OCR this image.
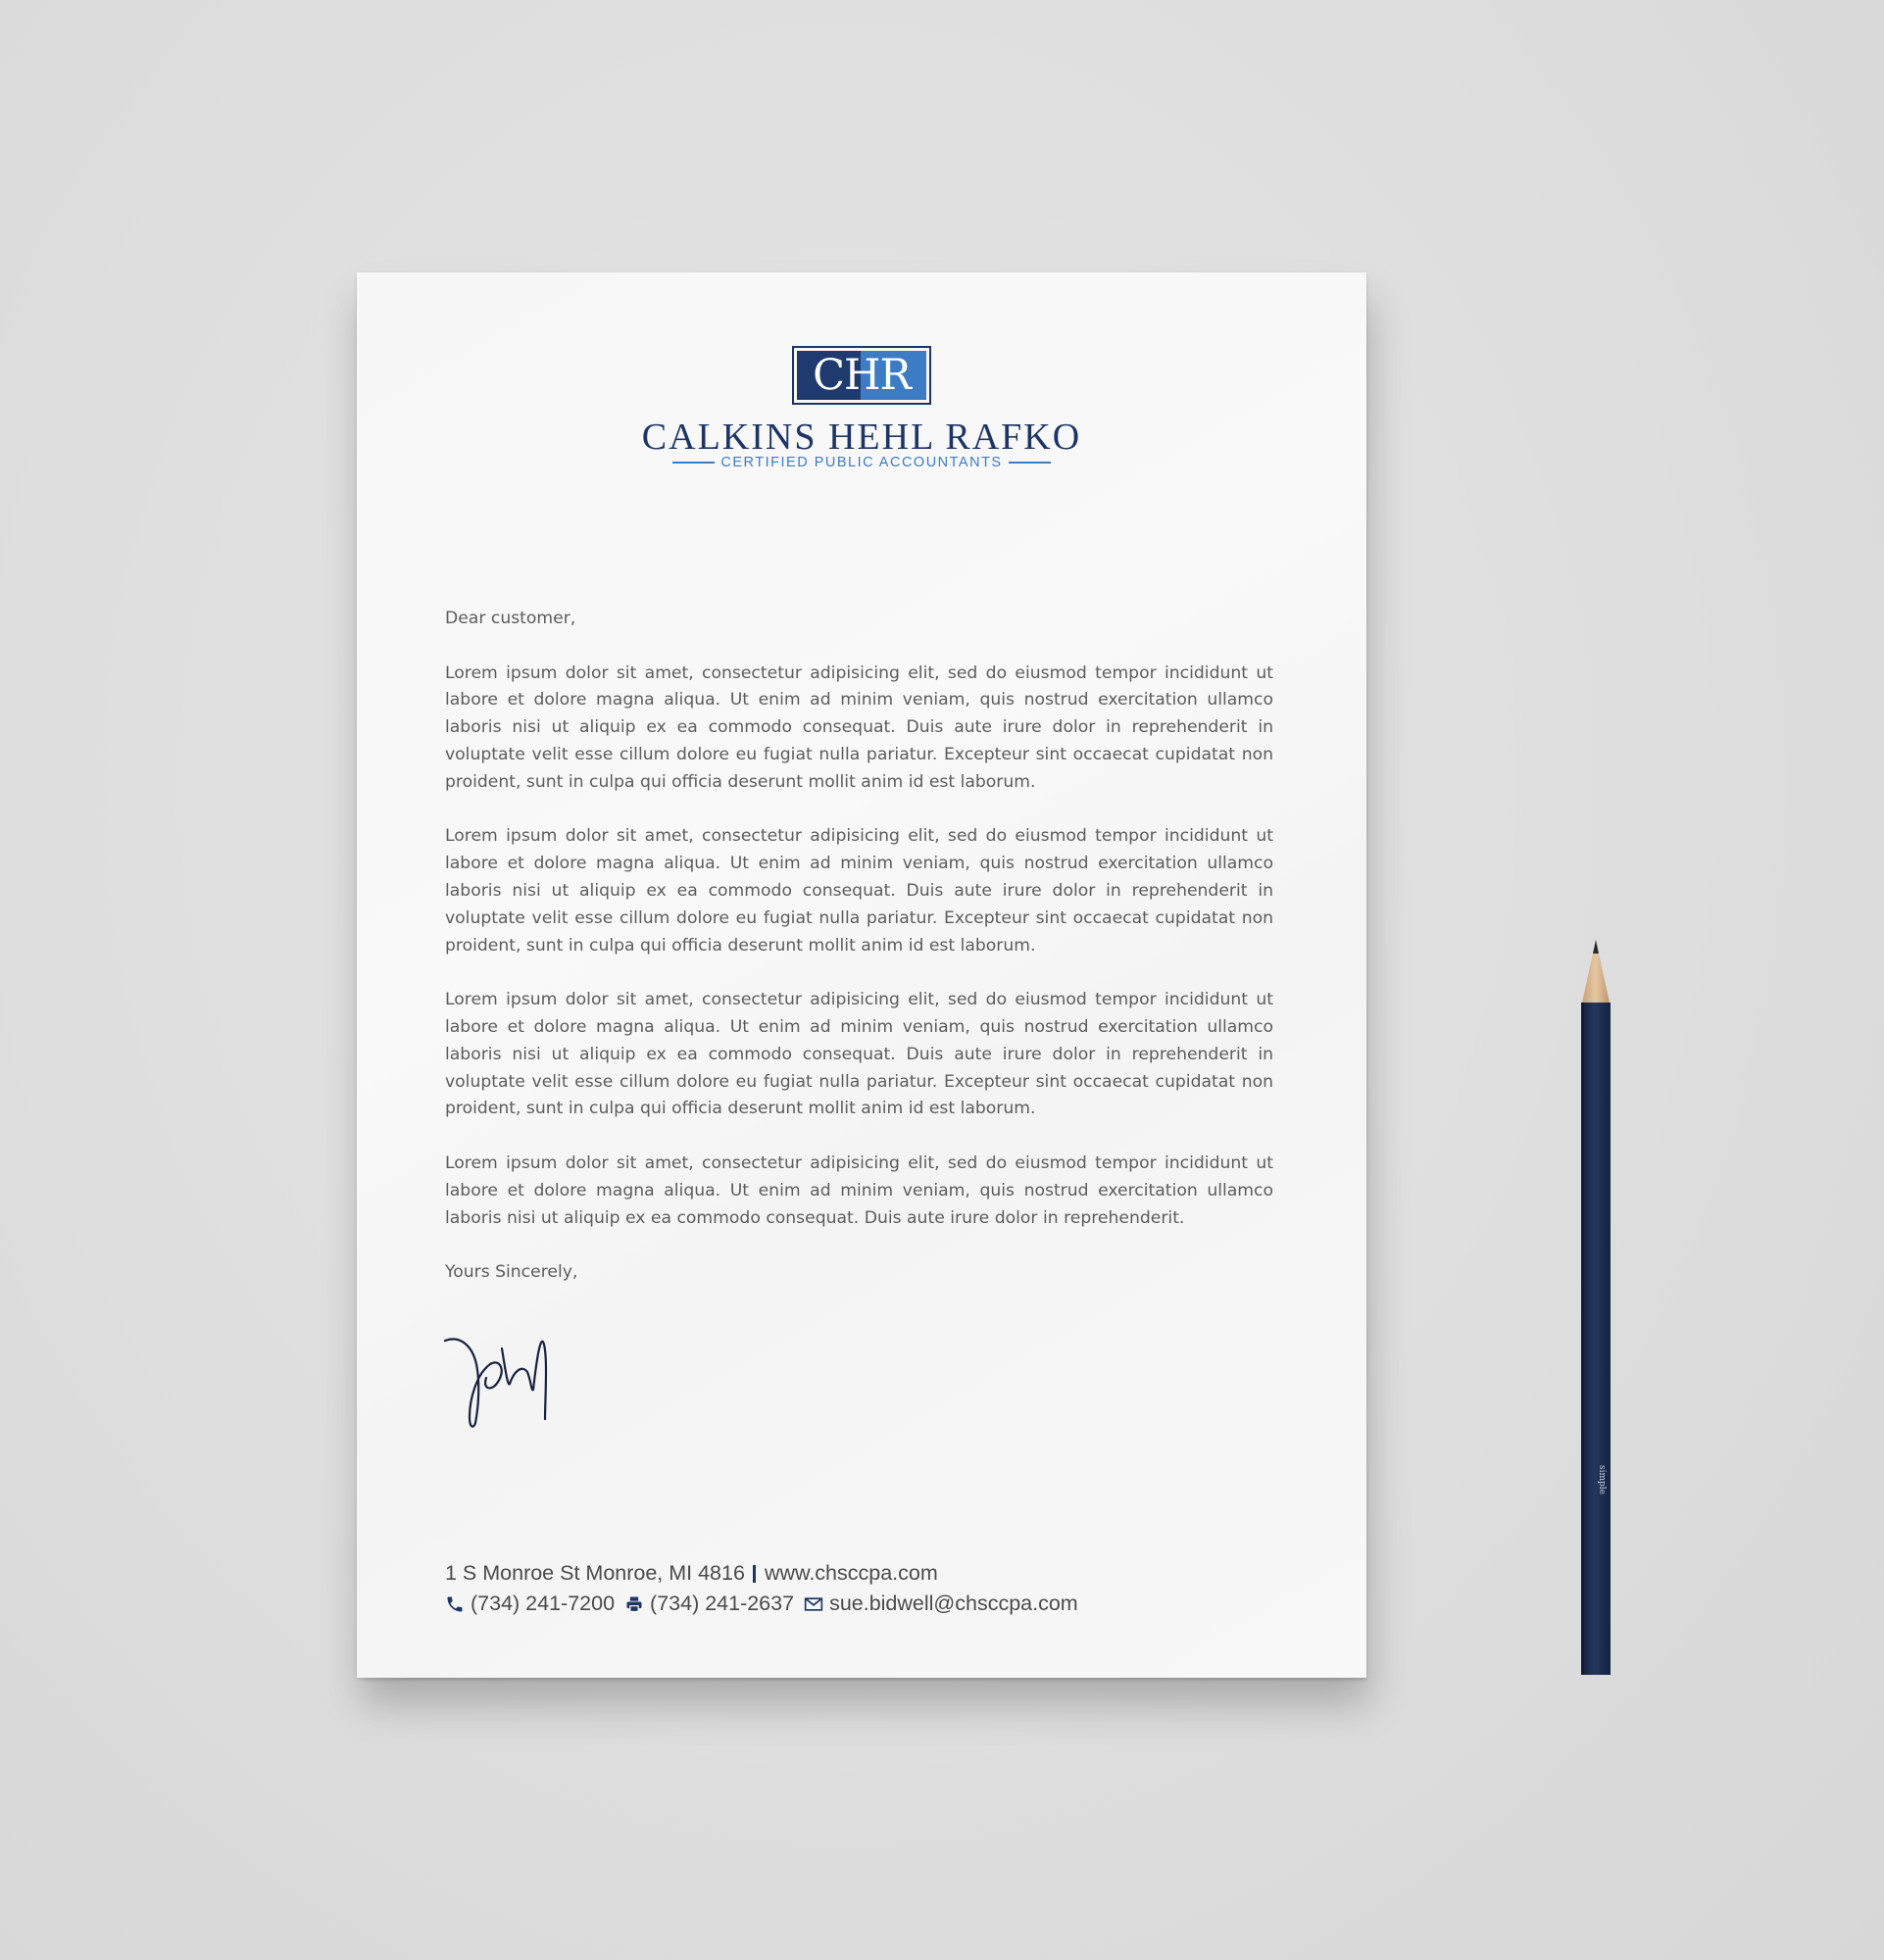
CHR
CALKINS HEHL RAFKO
CERTIFIED PUBLIC ACCOUNTANTS

Dear customer,

Lorem ipsum dolor sit amet, consectetur adipisicing elit, sed do eiusmod tempor incididunt ut labore et dolore magna aliqua. Ut enim ad minim veniam, quis nostrud exercitation ullamco laboris nisi ut aliquip ex ea commodo consequat. Duis aute irure dolor in reprehenderit in voluptate velit esse cillum dolore eu fugiat nulla pariatur. Excepteur sint occaecat cupidatat non proident, sunt in culpa qui officia deserunt mollit anim id est laborum.

Lorem ipsum dolor sit amet, consectetur adipisicing elit, sed do eiusmod tempor incididunt ut labore et dolore magna aliqua. Ut enim ad minim veniam, quis nostrud exercitation ullamco laboris nisi ut aliquip ex ea commodo consequat. Duis aute irure dolor in reprehenderit in voluptate velit esse cillum dolore eu fugiat nulla pariatur. Excepteur sint occaecat cupidatat non proident, sunt in culpa qui officia deserunt mollit anim id est laborum.

Lorem ipsum dolor sit amet, consectetur adipisicing elit, sed do eiusmod tempor incididunt ut labore et dolore magna aliqua. Ut enim ad minim veniam, quis nostrud exercitation ullamco laboris nisi ut aliquip ex ea commodo consequat. Duis aute irure dolor in reprehenderit in voluptate velit esse cillum dolore eu fugiat nulla pariatur. Excepteur sint occaecat cupidatat non proident, sunt in culpa qui officia deserunt mollit anim id est laborum.

Lorem ipsum dolor sit amet, consectetur adipisicing elit, sed do eiusmod tempor incididunt ut labore et dolore magna aliqua. Ut enim ad minim veniam, quis nostrud exercitation ullamco laboris nisi ut aliquip ex ea commodo consequat. Duis aute irure dolor in reprehenderit.

Yours Sincerely,

1 S Monroe St Monroe, MI 4816 www.chsccpa.com
(734) 241-7200 (734) 241-2637 sue.bidwell@chsccpa.com
simple
